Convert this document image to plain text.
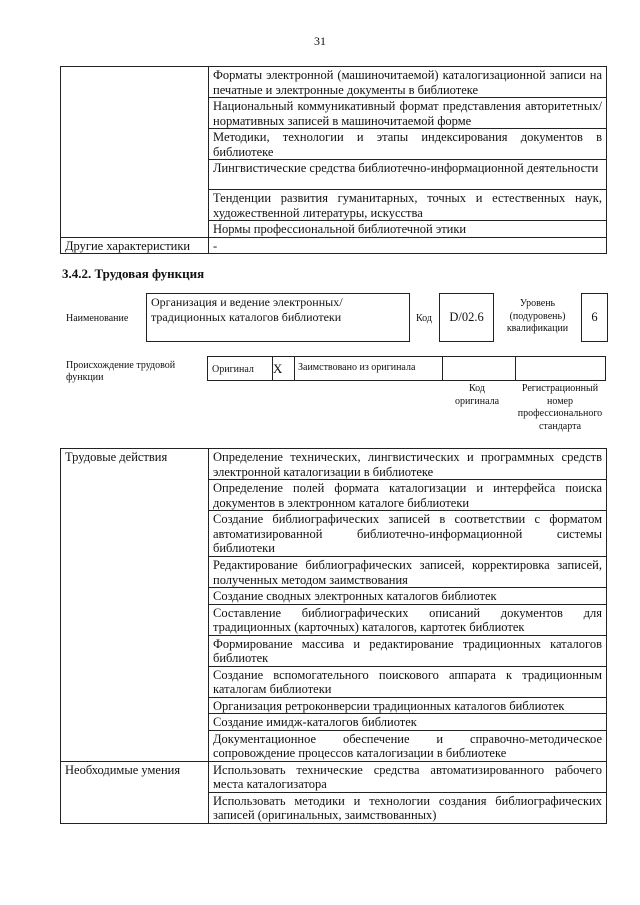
31
	Форматы электронной (машиночитаемой) каталогизационной записи на печатные и электронные документы в библиотеке
	Национальный коммуникативный формат представления авторитетных/нормативных записей в машиночитаемой форме
	Методики, технологии и этапы индексирования документов в библиотеке
	Лингвистические средства библиотечно-информационной деятельности
	Тенденции развития гуманитарных, точных и естественных наук, художественной литературы, искусства
	Нормы профессиональной библиотечной этики
Другие характеристики	-
3.4.2. Трудовая функция
Наименование
Организация и ведение электронных/традиционных каталогов библиотеки	Код	D/02.6
Уровень (подуровень) квалификации
6
Происхождение трудовой функции
Оригинал X Заимствовано из оригинала
Код оригинала
Регистрационный номер профессионального стандарта
Трудовые действия	Определение технических, лингвистических и программных средств электронной каталогизации в библиотеке
	Определение полей формата каталогизации и интерфейса поиска документов в электронном каталоге библиотеки
	Создание библиографических записей в соответствии с форматом автоматизированной библиотечно-информационной системы библиотеки
	Редактирование библиографических записей, корректировка записей, полученных методом заимствования
	Создание сводных электронных каталогов библиотек
	Составление библиографических описаний документов для традиционных (карточных) каталогов, картотек библиотек
	Формирование массива и редактирование традиционных каталогов библиотек
	Создание вспомогательного поискового аппарата к традиционным каталогам библиотеки
	Организация ретроконверсии традиционных каталогов библиотек
	Создание имидж-каталогов библиотек
	Документационное обеспечение и справочно-методическое сопровождение процессов каталогизации в библиотеке
Необходимые умения	Использовать технические средства автоматизированного рабочего места каталогизатора
	Использовать методики и технологии создания библиографических записей (оригинальных, заимствованных)
